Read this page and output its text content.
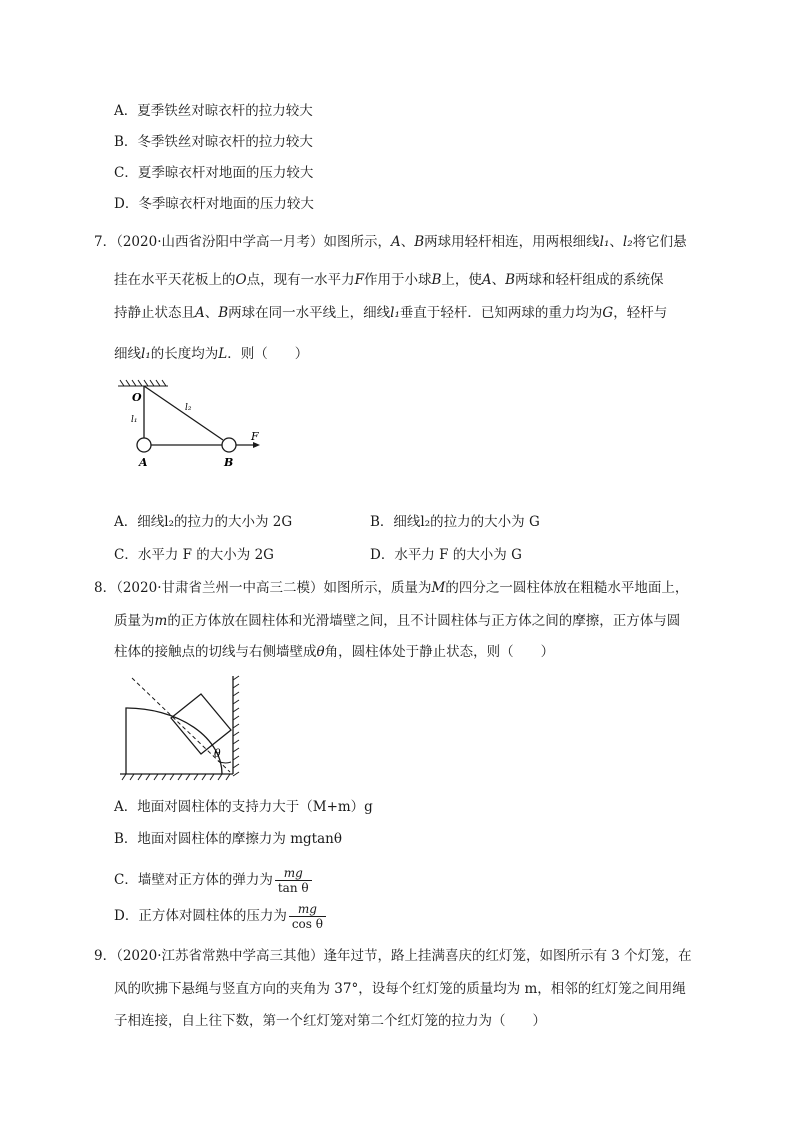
A．夏季铁丝对晾衣杆的拉力较大
B．冬季铁丝对晾衣杆的拉力较大
C．夏季晾衣杆对地面的压力较大
D．冬季晾衣杆对地面的压力较大
7．（2020·山西省汾阳中学高一月考）如图所示，A、B两球用轻杆相连，用两根细线l₁、l₂将它们悬
挂在水平天花板上的O点，现有一水平力F作用于小球B上，使A、B两球和轻杆组成的系统保
持静止状态且A、B两球在同一水平线上，细线l₁垂直于轻杆．已知两球的重力均为G，轻杆与
细线l₁的长度均为L．则（　　）
O
l₁
l₂
A	B
F
A．细线l₂的拉力的大小为 2G	B．细线l₂的拉力的大小为 G
C．水平力 F 的大小为 2G	D．水平力 F 的大小为 G
8．（2020·甘肃省兰州一中高三二模）如图所示，质量为M的四分之一圆柱体放在粗糙水平地面上，
质量为m的正方体放在圆柱体和光滑墙壁之间，且不计圆柱体与正方体之间的摩擦，正方体与圆
柱体的接触点的切线与右侧墙壁成θ角，圆柱体处于静止状态，则（　　）
θ
A．地面对圆柱体的支持力大于（M+m）g
B．地面对圆柱体的摩擦力为 mgtanθ
C．墙壁对正方体的弹力为 $\frac{mg}{\text{tan θ}}$
D．正方体对圆柱体的压力为 $\frac{mg}{\text{cos θ}}$
9．（2020·江苏省常熟中学高三其他）逢年过节，路上挂满喜庆的红灯笼，如图所示有 3 个灯笼，在
风的吹拂下悬绳与竖直方向的夹角为 37°，设每个红灯笼的质量均为 m，相邻的红灯笼之间用绳
子相连接，自上往下数，第一个红灯笼对第二个红灯笼的拉力为（　　）
